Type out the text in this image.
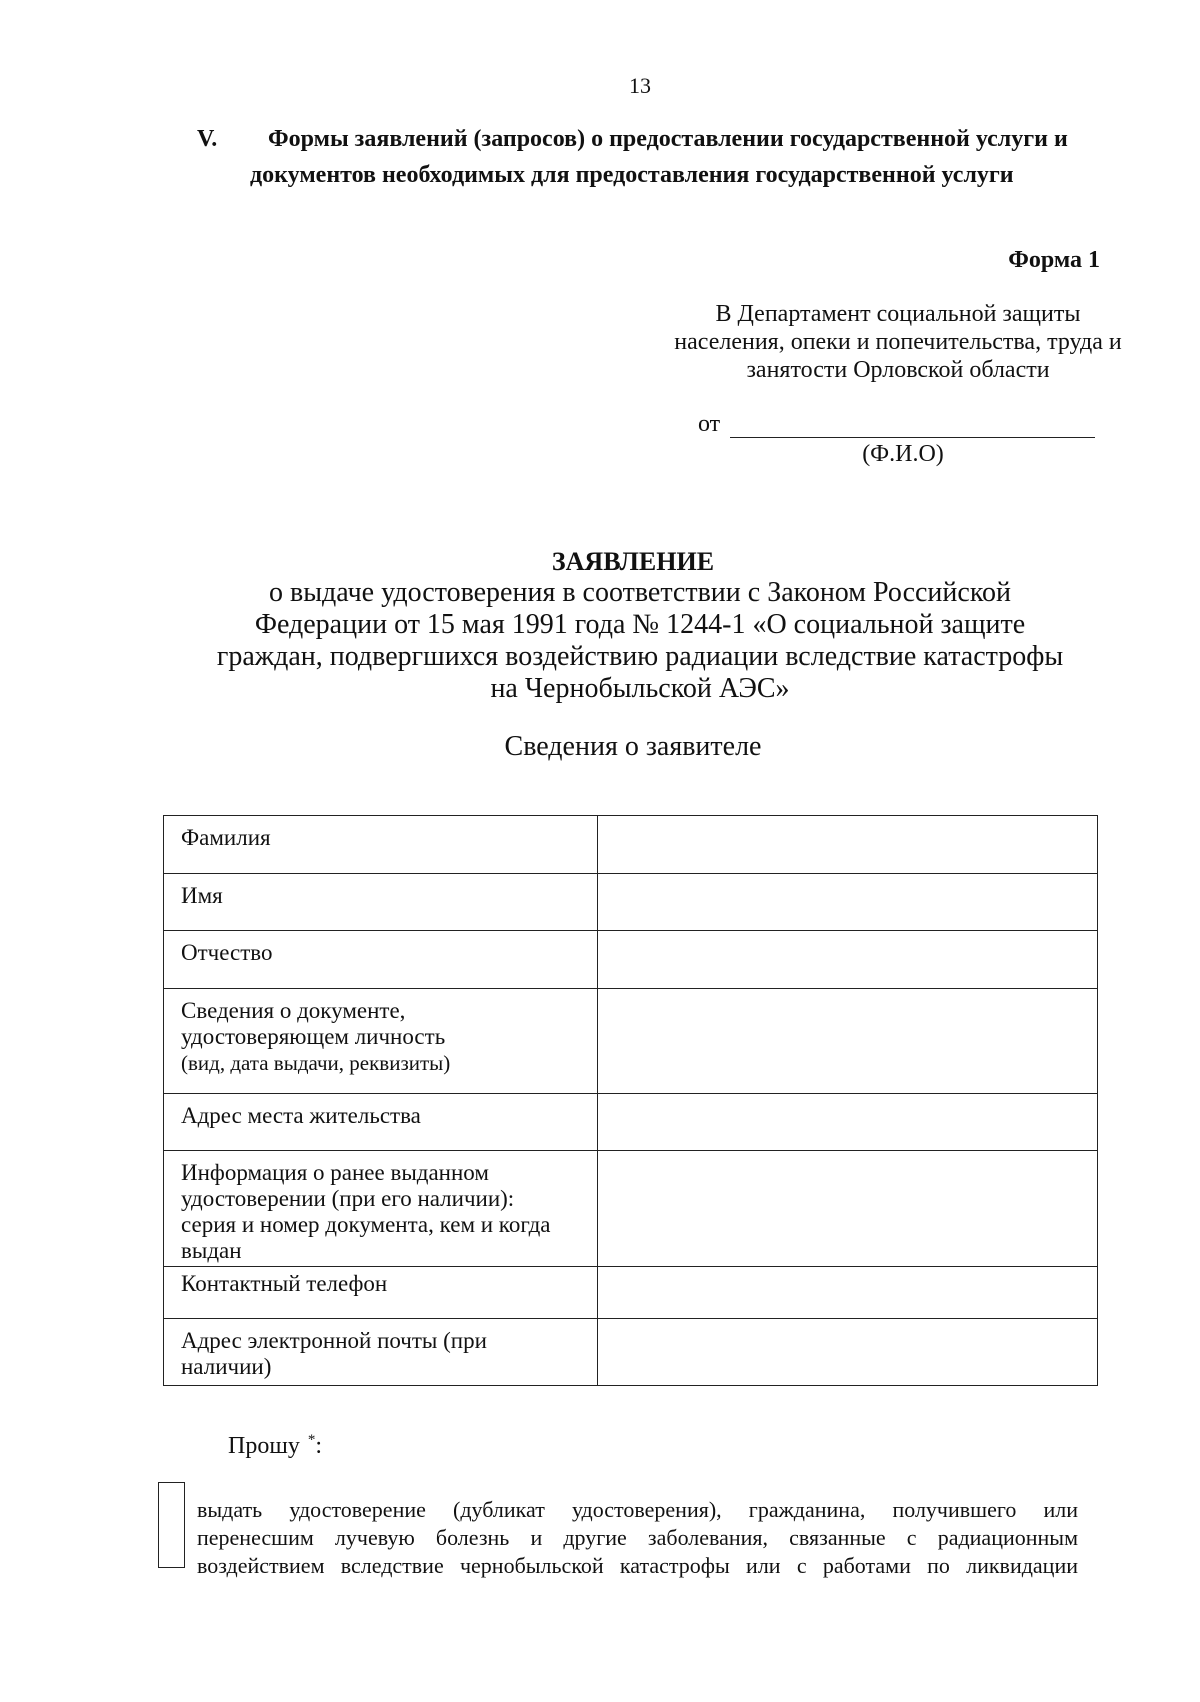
13
V. Формы заявлений (запросов) о предоставлении государственной услуги и
документов необходимых для предоставления государственной услуги
Форма 1
В Департамент социальной защиты
населения, опеки и попечительства, труда и
занятости Орловской области
от
(Ф.И.О)
ЗАЯВЛЕНИЕ
о выдаче удостоверения в соответствии с Законом Российской
Федерации от 15 мая 1991 года № 1244-1 «О социальной защите
граждан, подвергшихся воздействию радиации вследствие катастрофы
на Чернобыльской АЭС»
Сведения о заявителе
Фамилия	

Имя	

Отчество	

Сведения о документе,
удостоверяющем личность
(вид, дата выдачи, реквизиты)	

Адрес места жительства	

Информация о ранее выданном
удостоверении (при его наличии):
серия и номер документа, кем и когда
выдан	

Контактный телефон	

Адрес электронной почты (при
наличии)	

Прошу *:
выдать удостоверение (дубликат удостоверения), гражданина, получившего или
перенесшим лучевую болезнь и другие заболевания, связанные с радиационным
воздействием вследствие чернобыльской катастрофы или с работами по ликвидации
